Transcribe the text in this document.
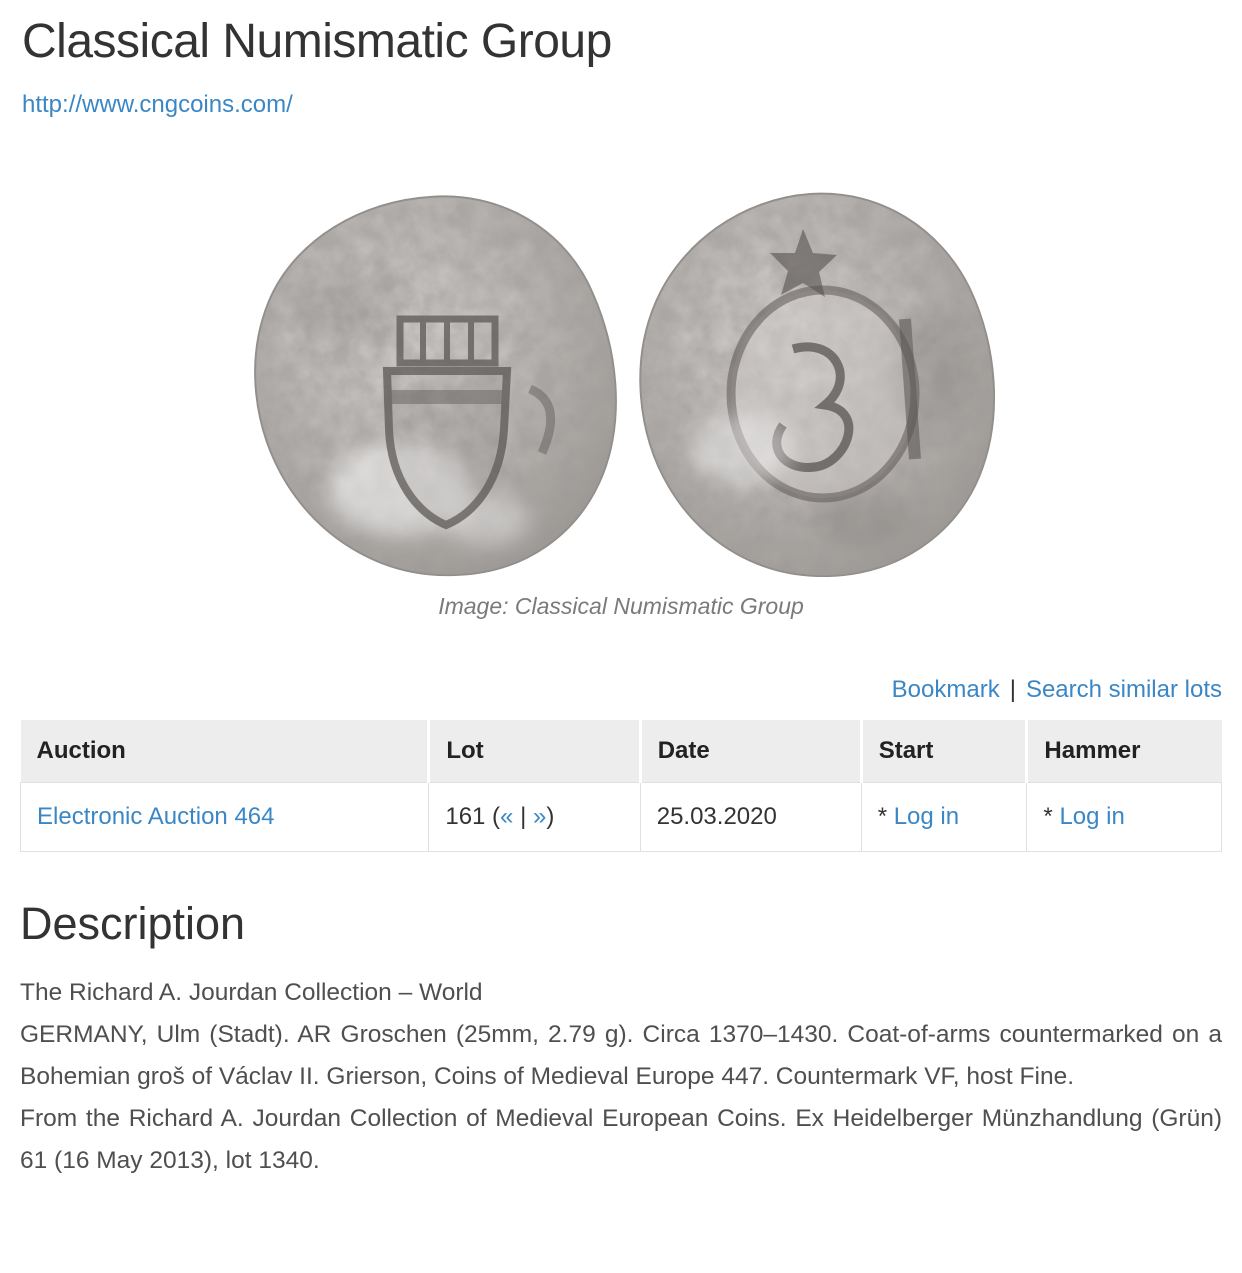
Classical Numismatic Group
http://www.cngcoins.com/
Image: Classical Numismatic Group
Bookmark | Search similar lots
Auction	Lot	Date	Start	Hammer
Electronic Auction 464	161 (« | »)	25.03.2020	* Log in	* Log in
Description

The Richard A. Jourdan Collection – World

GERMANY, Ulm (Stadt). AR Groschen (25mm, 2.79 g). Circa 1370–1430. Coat-of-arms countermarked on a Bohemian groš of Václav II. Grierson, Coins of Medieval Europe 447. Countermark VF, host Fine.

From the Richard A. Jourdan Collection of Medieval European Coins. Ex Heidelberger Münzhandlung (Grün) 61 (16 May 2013), lot 1340.
